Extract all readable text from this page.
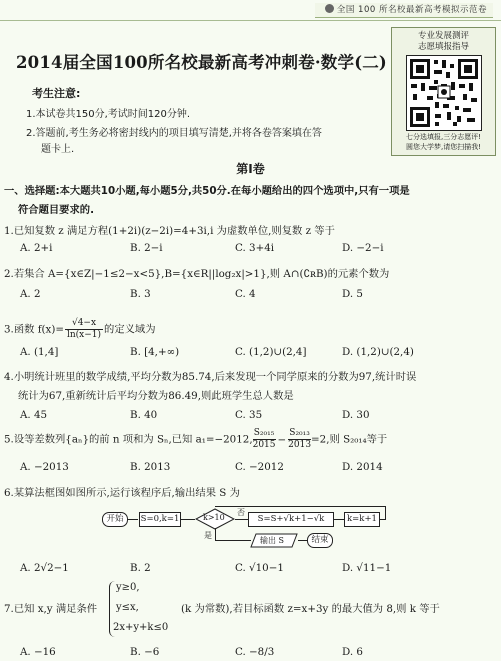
全国 100 所名校最新高考模拟示范卷
2014届全国100所名校最新高考冲刺卷·数学(二)
专业发展测评
志愿填报指导
七分选填报,三分志愿评!
圆您大学梦,请您扫描我!
考生注意:
1.本试卷共150分,考试时间120分钟.
2.答题前,考生务必将密封线内的项目填写清楚,并将各卷答案填在答
题卡上.
第Ⅰ卷
一、选择题:本大题共10小题,每小题5分,共50分.在每小题给出的四个选项中,只有一项是
符合题目要求的.
1.已知复数 z 满足方程(1+2i)(z−2i)=4+3i,i 为虚数单位,则复数 z 等于
A. 2+i	B. 2−i	C. 3+4i	D. −2−i
2.若集合 A={x∈Z|−1≤2−x<5},B={x∈R||log₂x|>1},则 A∩(∁ʀB)的元素个数为
A. 2	B. 3	C. 4	D. 5
3.函数 $f(x)= \frac{√4-x}{\ln(x-1)}$ 的定义域为
A. (1,4]	B. [4,+∞)	C. (1,2)∪(2,4]	D. (1,2)∪(2,4)
4.小明统计班里的数学成绩,平均分数为85.74,后来发现一个同学原来的分数为97,统计时误
统计为67,重新统计后平均分数为86.49,则此班学生总人数是
A. 45	B. 40	C. 35	D. 30
5.设等差数列{aₙ}的前 n 项和为 Sₙ,已知 a₁=−2012, $\frac{\text{S₂₀₁₅}}{2015} - \frac{\text{S₂₀₁₃}}{2013} =2$,则 S₂₀₁₄等于
A. −2013	B. 2013	C. −2012	D. 2014
6.某算法框图如图所示,运行该程序后,输出结果 S 为
开始	S=0,k=1	k>10
否
S=S+√k+1−√k	k=k+1
是
输出 S	结束
A. 2√2−1	B. 2	C. √10−1	D. √11−1
7.已知 x,y 满足条件
y≥0,
y≤x,
2x+y+k≤0
(k 为常数),若目标函数 z=x+3y 的最大值为 8,则 k 等于
A. −16	B. −6	C. −8/3	D. 6
